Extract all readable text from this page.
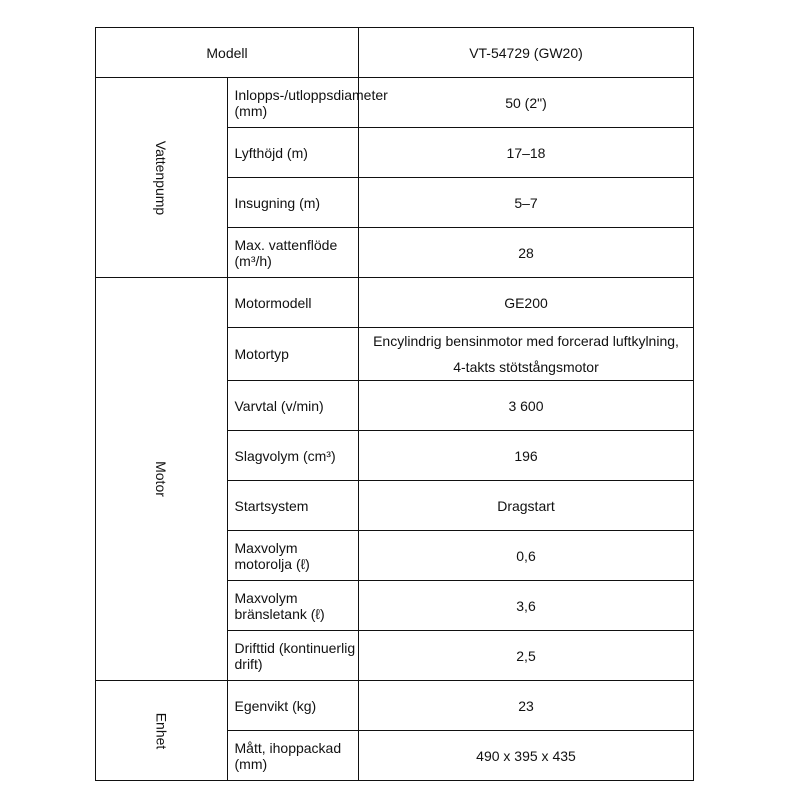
Modell		VT-54729 (GW20)
Vattenpump	Inlopps-/utloppsdiameter (mm)	50 (2")
	Lyfthöjd (m)	17–18
	Insugning (m)	5–7
	Max. vattenflöde (m³/h)	28
Motor	Motormodell	GE200
	Motortyp	Encylindrig bensinmotor med forcerad luftkylning,
4-takts stötstångsmotor

	Varvtal (v/min)	3 600
	Slagvolym (cm³)	196
	Startsystem	Dragstart
	Maxvolym motorolja (ℓ)	0,6
	Maxvolym bränsletank (ℓ)	3,6
	Drifttid (kontinuerlig drift)	2,5
Enhet	Egenvikt (kg)	23
	Mått, ihoppackad (mm)	490 x 395 x 435
